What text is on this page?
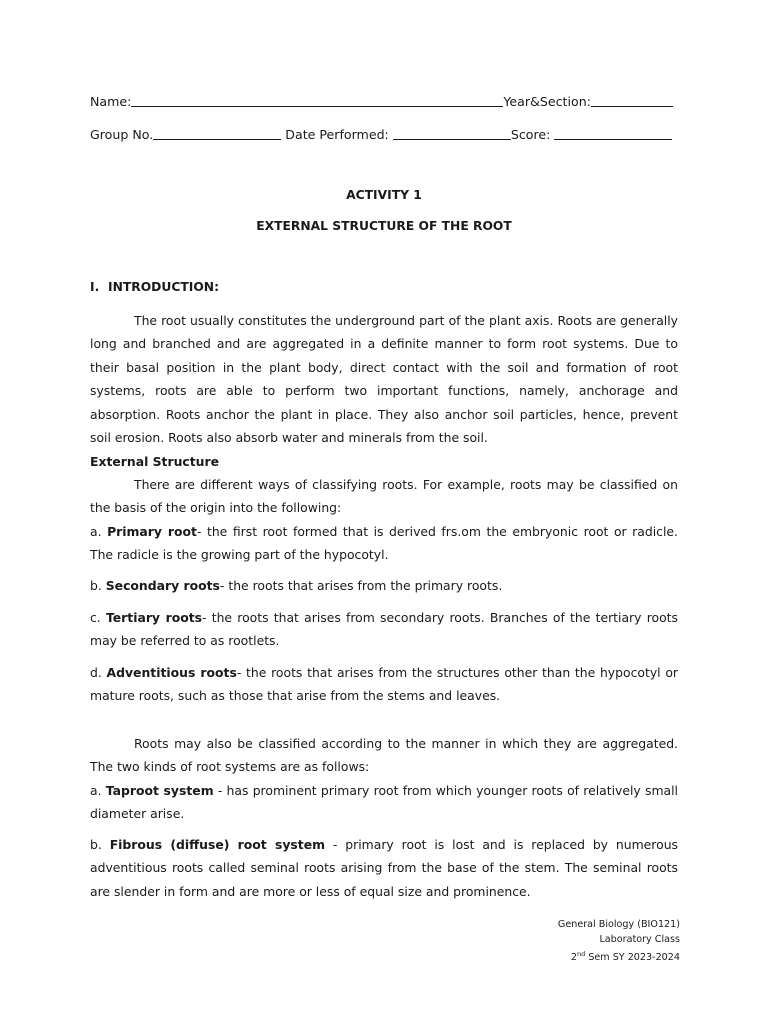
Name:	Year&Section:
Group No.	Date Performed:	Score:
ACTIVITY 1
EXTERNAL STRUCTURE OF THE ROOT
I. INTRODUCTION:
The root usually constitutes the underground part of the plant axis. Roots are generally long and branched and are aggregated in a definite manner to form root systems. Due to their basal position in the plant body, direct contact with the soil and formation of root systems, roots are able to perform two important functions, namely, anchorage and absorption. Roots anchor the plant in place. They also anchor soil particles, hence, prevent soil erosion. Roots also absorb water and minerals from the soil.
External Structure
There are different ways of classifying roots. For example, roots may be classified on the basis of the origin into the following:
a. Primary root- the first root formed that is derived frs.om the embryonic root or radicle. The radicle is the growing part of the hypocotyl.
b. Secondary roots- the roots that arises from the primary roots.
c. Tertiary roots- the roots that arises from secondary roots. Branches of the tertiary roots may be referred to as rootlets.
d. Adventitious roots- the roots that arises from the structures other than the hypocotyl or mature roots, such as those that arise from the stems and leaves.
Roots may also be classified according to the manner in which they are aggregated. The two kinds of root systems are as follows:
a. Taproot system - has prominent primary root from which younger roots of relatively small diameter arise.
b. Fibrous (diffuse) root system - primary root is lost and is replaced by numerous adventitious roots called seminal roots arising from the base of the stem. The seminal roots are slender in form and are more or less of equal size and prominence.
General Biology (BIO121)
Laboratory Class
2nd Sem SY 2023-2024
